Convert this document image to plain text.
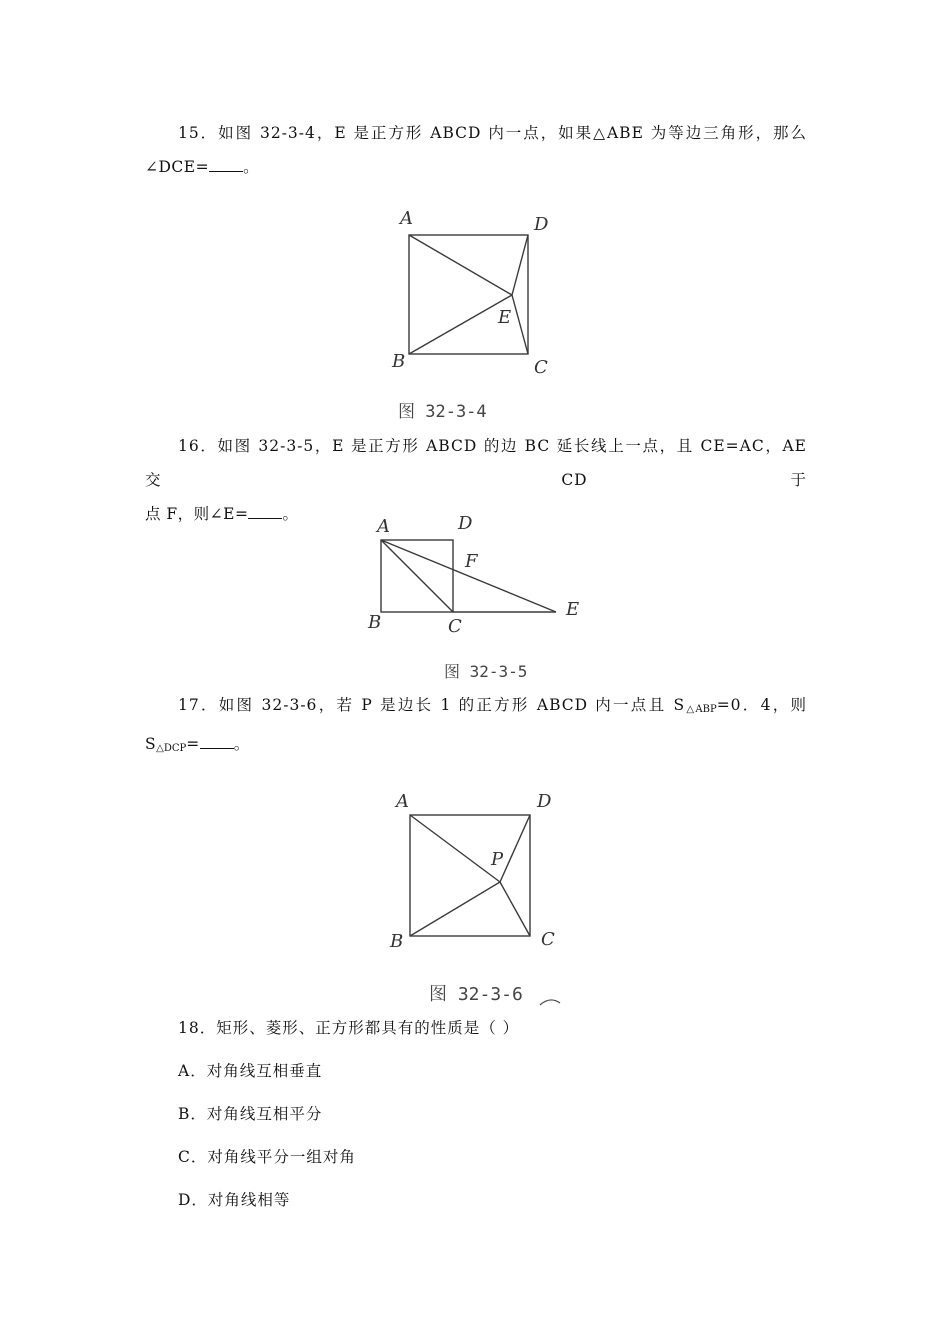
15．如图 32-3-4，E 是正方形 ABCD 内一点，如果△ABE 为等边三角形，那么
∠DCE= 。
A	D
E
B	C
图 32-3-4
16．如图 32-3-5，E 是正方形 ABCD 的边 BC 延长线上一点，且 CE=AC，AE 交 CD 于
点 F，则∠E= 。
A	D
F
E
B	C
图 32-3-5
17．如图 32-3-6，若 P 是边长 1 的正方形 ABCD 内一点且 $S_{\triangle ABP}=0$．4，则
$S_{\triangle DCP}=$ 。
A	D
P
B	C
图 32-3-6
18．矩形、菱形、正方形都具有的性质是（ ）
A．对角线互相垂直
B．对角线互相平分
C．对角线平分一组对角
D．对角线相等
